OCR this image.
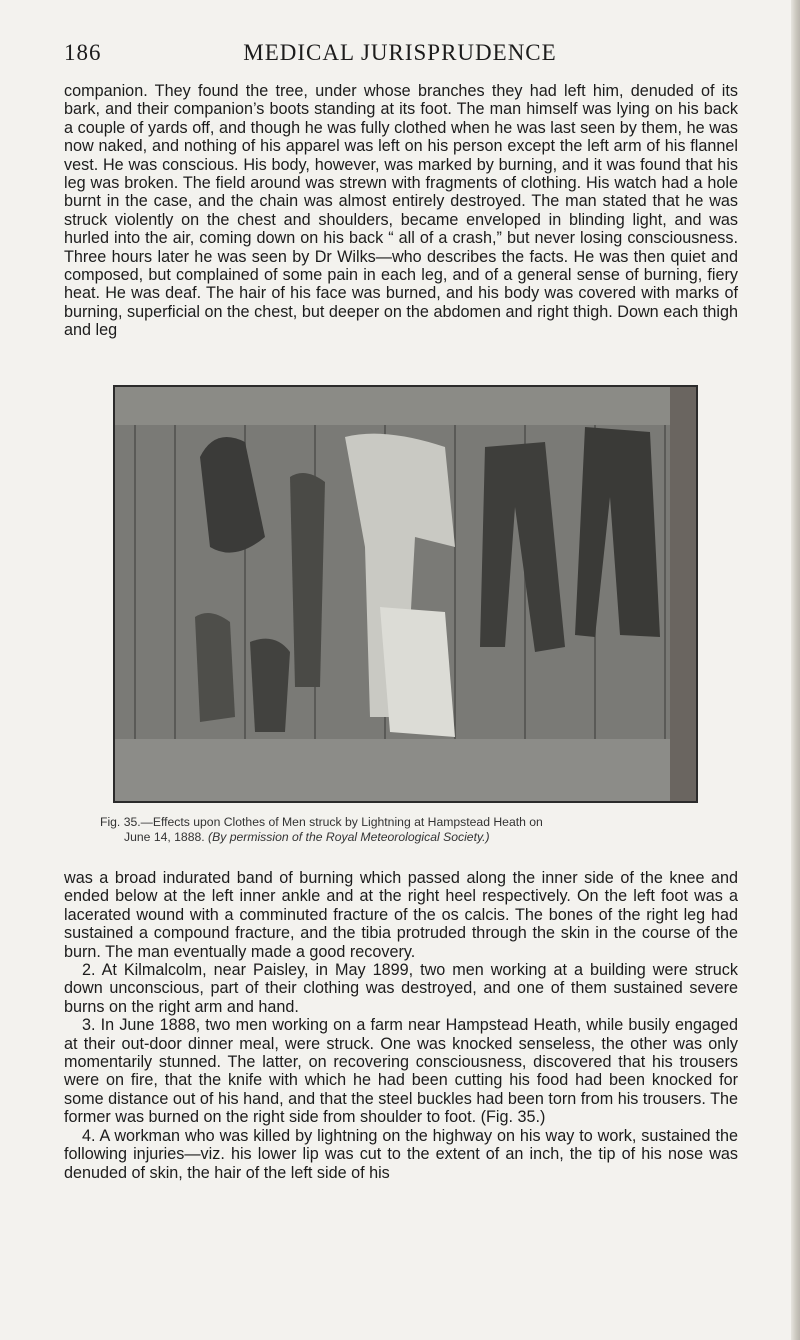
186	MEDICAL JURISPRUDENCE

companion. They found the tree, under whose branches they had left him, denuded of its bark, and their companion’s boots standing at its foot. The man himself was lying on his back a couple of yards off, and though he was fully clothed when he was last seen by them, he was now naked, and nothing of his apparel was left on his person except the left arm of his flannel vest. He was conscious. His body, however, was marked by burning, and it was found that his leg was broken. The field around was strewn with fragments of clothing. His watch had a hole burnt in the case, and the chain was almost entirely destroyed. The man stated that he was struck violently on the chest and shoulders, became enveloped in blinding light, and was hurled into the air, coming down on his back “ all of a crash,” but never losing consciousness. Three hours later he was seen by Dr Wilks—who describes the facts. He was then quiet and composed, but complained of some pain in each leg, and of a general sense of burning, fiery heat. He was deaf. The hair of his face was burned, and his body was covered with marks of burning, superficial on the chest, but deeper on the abdomen and right thigh. Down each thigh and leg

Fig. 35.—Effects upon Clothes of Men struck by Lightning at Hampstead Heath on
June 14, 1888. (By permission of the Royal Meteorological Society.)

was a broad indurated band of burning which passed along the inner side of the knee and ended below at the left inner ankle and at the right heel respectively. On the left foot was a lacerated wound with a comminuted fracture of the os calcis. The bones of the right leg had sustained a compound fracture, and the tibia protruded through the skin in the course of the burn. The man eventually made a good recovery.

2. At Kilmalcolm, near Paisley, in May 1899, two men working at a building were struck down unconscious, part of their clothing was destroyed, and one of them sustained severe burns on the right arm and hand.

3. In June 1888, two men working on a farm near Hampstead Heath, while busily engaged at their out-door dinner meal, were struck. One was knocked senseless, the other was only momentarily stunned. The latter, on recovering consciousness, discovered that his trousers were on fire, that the knife with which he had been cutting his food had been knocked for some distance out of his hand, and that the steel buckles had been torn from his trousers. The former was burned on the right side from shoulder to foot. (Fig. 35.)

4. A workman who was killed by lightning on the highway on his way to work, sustained the following injuries—viz. his lower lip was cut to the extent of an inch, the tip of his nose was denuded of skin, the hair of the left side of his
